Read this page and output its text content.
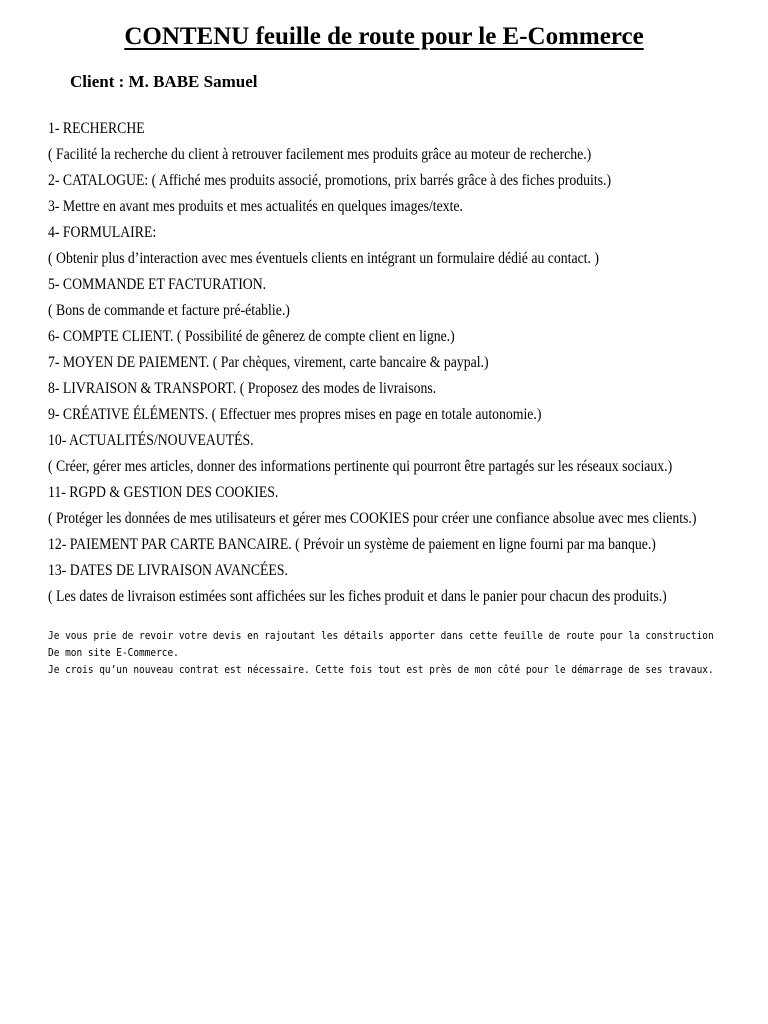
CONTENU feuille de route pour le E-Commerce
Client : M. BABE Samuel
1- RECHERCHE
( Facilité la recherche du client à retrouver facilement mes produits grâce au moteur de recherche.)
2- CATALOGUE: ( Affiché mes produits associé, promotions, prix barrés grâce à des fiches produits.)
3- Mettre en avant mes produits et mes actualités en quelques images/texte.
4- FORMULAIRE:
( Obtenir plus d’interaction avec mes éventuels clients en intégrant un formulaire dédié au contact. )
5- COMMANDE ET FACTURATION.
( Bons de commande et facture pré-établie.)
6- COMPTE CLIENT. ( Possibilité de gênerez de compte client en ligne.)
7- MOYEN DE PAIEMENT. ( Par chèques, virement, carte bancaire & paypal.)
8- LIVRAISON & TRANSPORT. ( Proposez des modes de livraisons.
9- CRÉATIVE ÉLÉMENTS. ( Effectuer mes propres mises en page en totale autonomie.)
10- ACTUALITÉS/NOUVEAUTÉS.
( Créer, gérer mes articles, donner des informations pertinente qui pourront être partagés sur les réseaux sociaux.)
11- RGPD & GESTION DES COOKIES.
( Protéger les données de mes utilisateurs et gérer mes COOKIES pour créer une confiance absolue avec mes clients.)
12- PAIEMENT PAR CARTE BANCAIRE. ( Prévoir un système de paiement en ligne fourni par ma banque.)
13- DATES DE LIVRAISON AVANCÉES.
( Les dates de livraison estimées sont affichées sur les fiches produit et dans le panier pour chacun des produits.)
Je vous prie de revoir votre devis en rajoutant les détails apporter dans cette feuille de route pour la construction
De mon site E-Commerce.
Je crois qu’un nouveau contrat est nécessaire. Cette fois tout est près de mon côté pour le démarrage de ses travaux.
